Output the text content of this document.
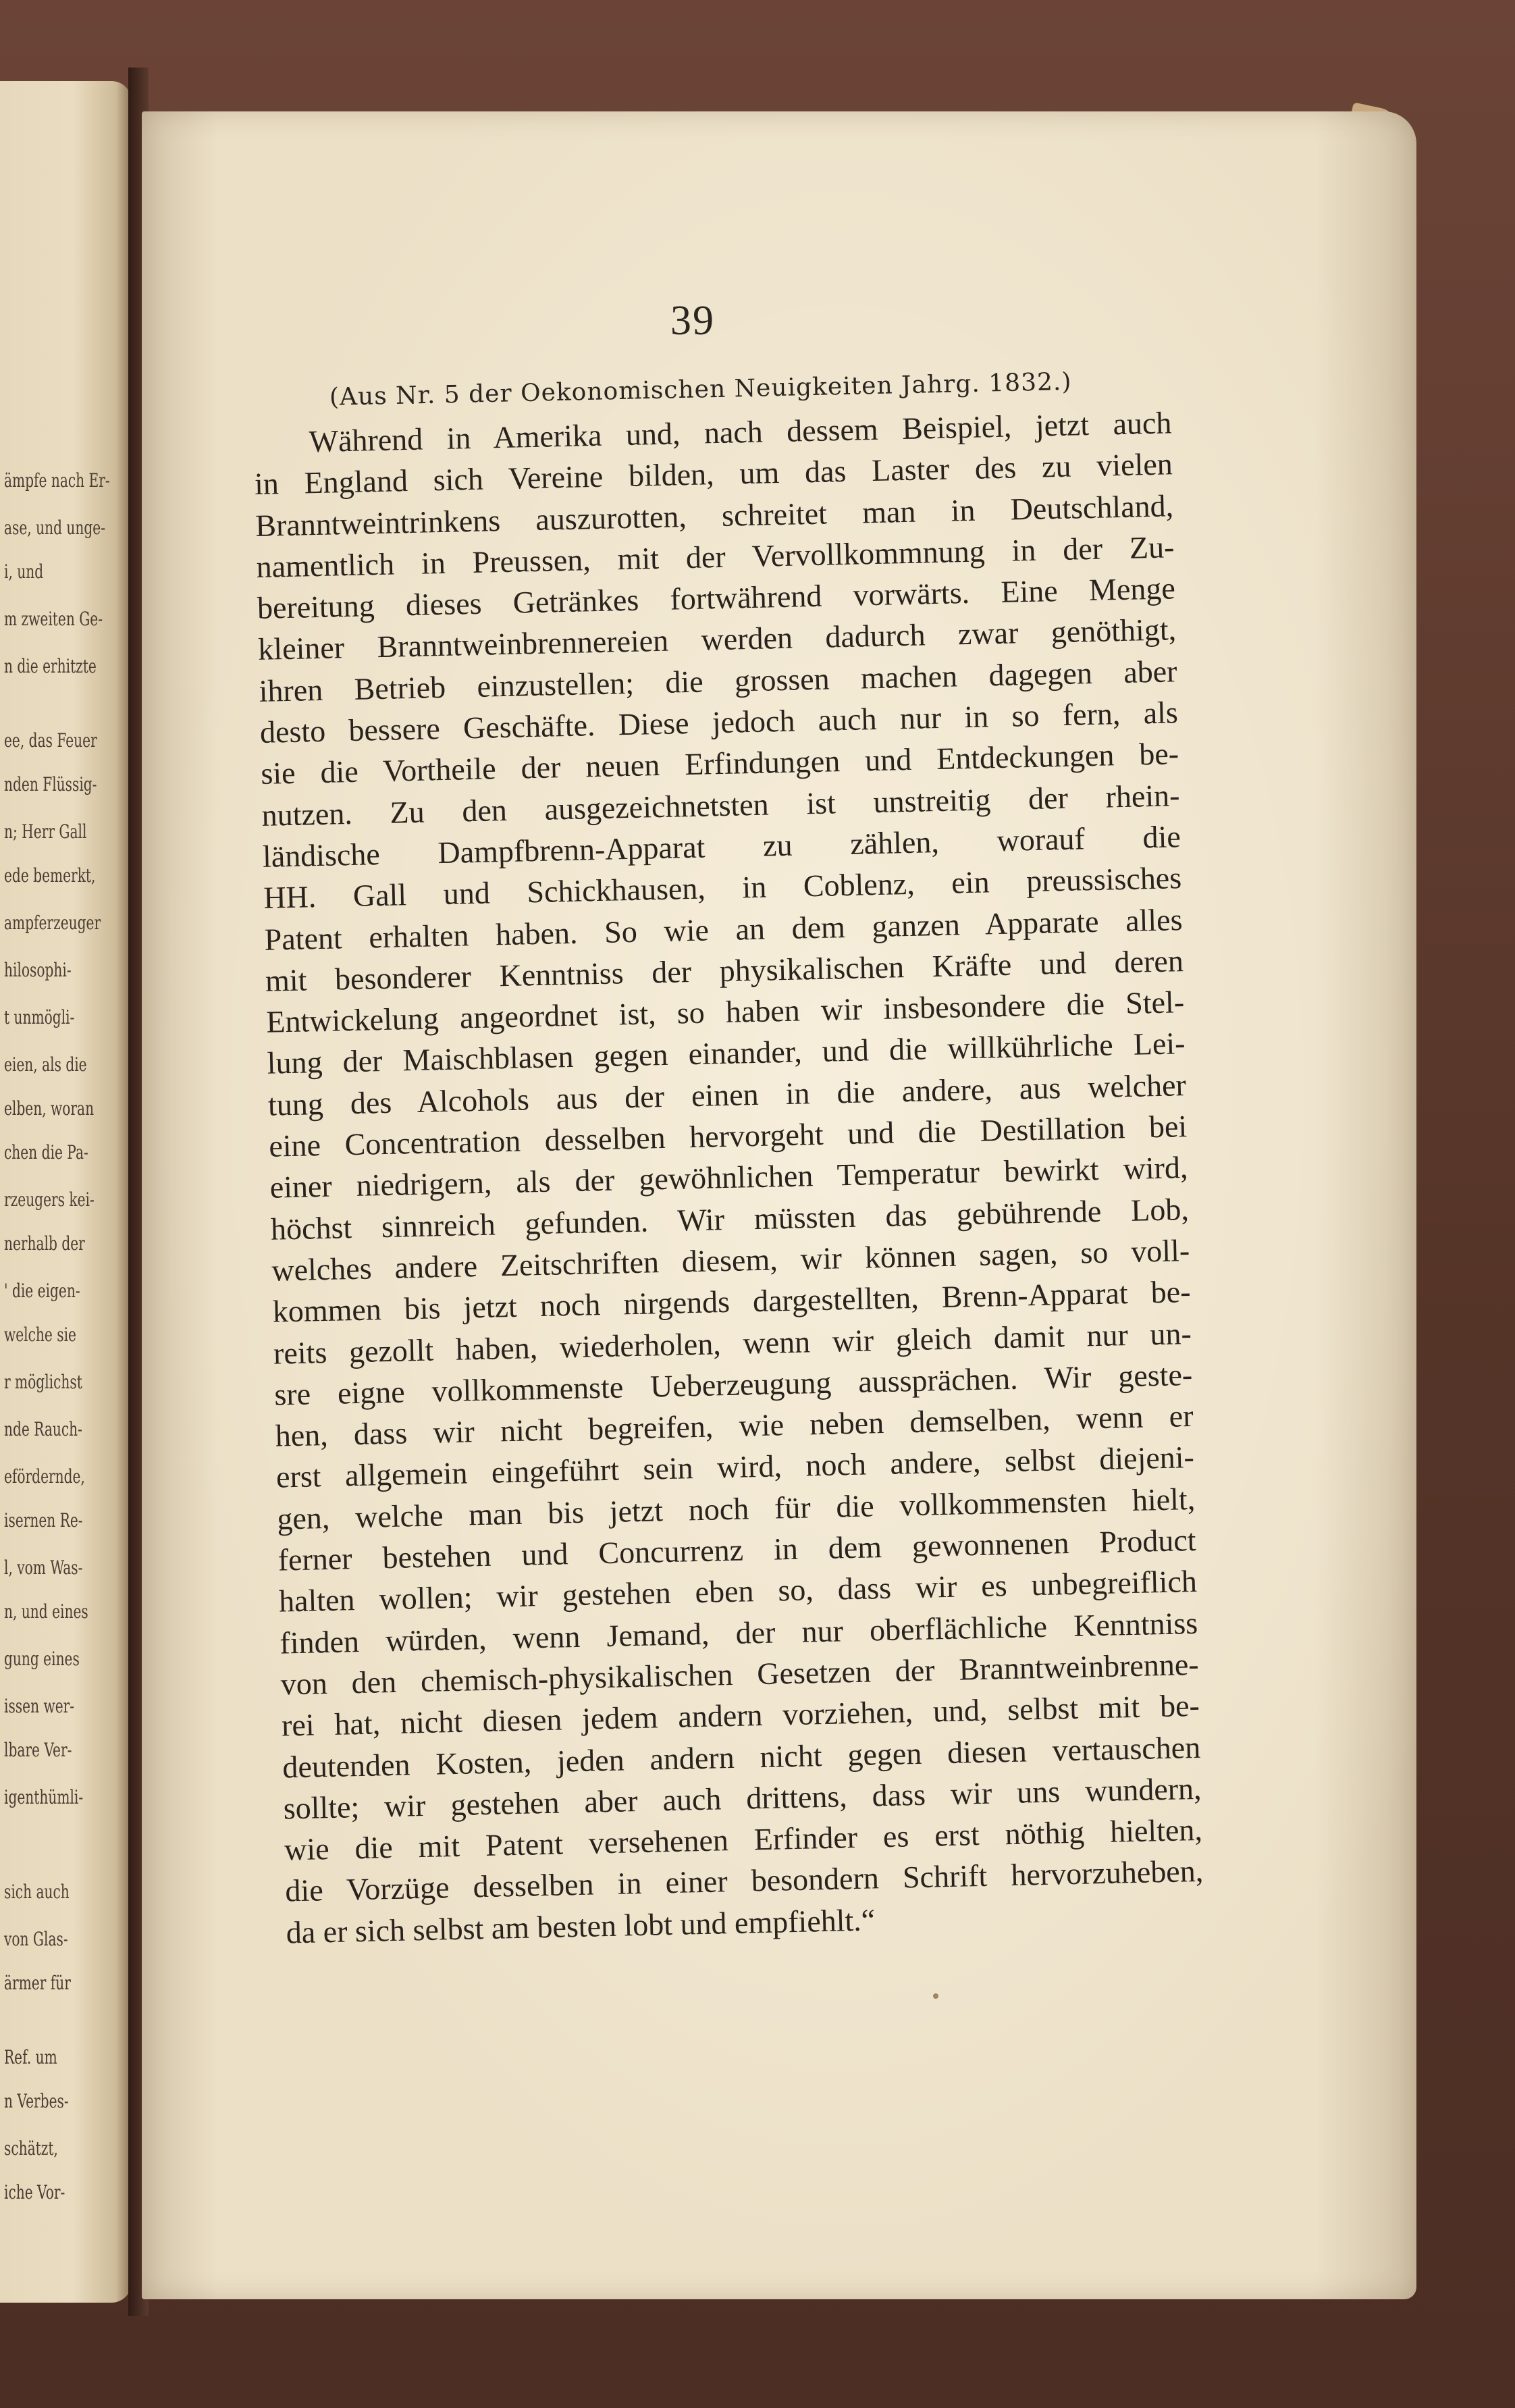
ämpfe nach Er-
ase, und unge-
i, und
m zweiten Ge-
n die erhitzte
ee, das Feuer
nden Flüssig-
n; Herr Gall
ede bemerkt,
ampferzeuger
hilosophi-
t unmögli-
eien, als die
elben, woran
chen die Pa-
rzeugers kei-
nerhalb der
' die eigen-
welche sie
r möglichst
nde Rauch-
efördernde,
isernen Re-
l, vom Was-
n, und eines
gung eines
issen wer-
lbare Ver-
igenthümli-
sich auch
von Glas-
ärmer für
Ref. um
n Verbes-
schätzt,
iche Vor-
39
(Aus Nr. 5 der Oekonomischen Neuigkeiten Jahrg. 1832.)
Während in Amerika und, nach dessem Beispiel, jetzt auch
in England sich Vereine bilden, um das Laster des zu vielen
Branntweintrinkens auszurotten, schreitet man in Deutschland,
namentlich in Preussen, mit der Vervollkommnung in der Zu-
bereitung dieses Getränkes fortwährend vorwärts. Eine Menge
kleiner Branntweinbrennereien werden dadurch zwar genöthigt,
ihren Betrieb einzustellen; die grossen machen dagegen aber
desto bessere Geschäfte. Diese jedoch auch nur in so fern, als
sie die Vortheile der neuen Erfindungen und Entdeckungen be-
nutzen. Zu den ausgezeichnetsten ist unstreitig der rhein-
ländische Dampfbrenn-Apparat zu zählen, worauf die
HH. Gall und Schickhausen, in Coblenz, ein preussisches
Patent erhalten haben. So wie an dem ganzen Apparate alles
mit besonderer Kenntniss der physikalischen Kräfte und deren
Entwickelung angeordnet ist, so haben wir insbesondere die Stel-
lung der Maischblasen gegen einander, und die willkührliche Lei-
tung des Alcohols aus der einen in die andere, aus welcher
eine Concentration desselben hervorgeht und die Destillation bei
einer niedrigern, als der gewöhnlichen Temperatur bewirkt wird,
höchst sinnreich gefunden. Wir müssten das gebührende Lob,
welches andere Zeitschriften diesem, wir können sagen, so voll-
kommen bis jetzt noch nirgends dargestellten, Brenn-Apparat be-
reits gezollt haben, wiederholen, wenn wir gleich damit nur un-
sre eigne vollkommenste Ueberzeugung aussprächen. Wir geste-
hen, dass wir nicht begreifen, wie neben demselben, wenn er
erst allgemein eingeführt sein wird, noch andere, selbst diejeni-
gen, welche man bis jetzt noch für die vollkommensten hielt,
ferner bestehen und Concurrenz in dem gewonnenen Product
halten wollen; wir gestehen eben so, dass wir es unbegreiflich
finden würden, wenn Jemand, der nur oberflächliche Kenntniss
von den chemisch-physikalischen Gesetzen der Branntweinbrenne-
rei hat, nicht diesen jedem andern vorziehen, und, selbst mit be-
deutenden Kosten, jeden andern nicht gegen diesen vertauschen
sollte; wir gestehen aber auch drittens, dass wir uns wundern,
wie die mit Patent versehenen Erfinder es erst nöthig hielten,
die Vorzüge desselben in einer besondern Schrift hervorzuheben,
da er sich selbst am besten lobt und empfiehlt.“
